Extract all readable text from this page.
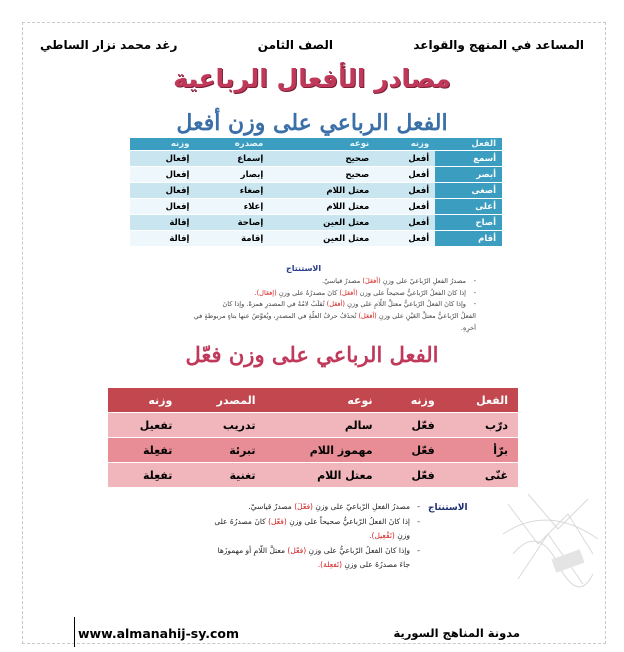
المساعد في المنهج والقواعد
الصف الثامن
رغد محمد نزار الساطي
مصادر الأفعال الرباعية
الفعل الرباعي على وزن أفعل
الفعل	وزنه	نوعه	مصدره	وزنه
أسمع	أفعل	صحيح	إسماع	إفعال
أبصر	أفعل	صحيح	إبصار	إفعال
أصغى	أفعل	معتل اللام	إصغاء	إفعال
أعلى	أفعل	معتل اللام	إعلاء	إفعال
أصاح	أفعل	معتل العين	إصاحة	إفالة
أقام	أفعل	معتل العين	إقامة	إفالة
الاستنتاج
- مصدرُ الفعلِ الرّباعيّ على وزنِ (أفعَلَ) مصدرٌ قياسيّ.
- إذا كانَ الفعلُ الرّباعيُّ صحيحاً على وزن (أفعَل) كانَ مصدرُهُ على وزنِ (إفعَال).
- وإذا كانَ الفعلُ الرّباعيُّ معتلَّ اللّامِ على وزنِ (أفعَل) تُقلَبُ لامُهُ في المصدرِ همزةً. وإذا كانَ
الفعلُ الرّباعيُّ معتلَّ العَيْنِ على وزنِ (أفعَل) تُحذَفُ حرفُ العلّةِ في المصدرِ، ويُعوَّضُ عنها بتاءٍ مربوطةٍ في آخرِهِ.
الفعل الرباعي على وزن فعّل
الفعل	وزنه	نوعه	المصدر	وزنه
درّب	فعّل	سالم	تدريب	تفعيل
برّأ	فعّل	مهموز اللام	تبرئة	تفعِلة
غنّى	فعّل	معتل اللام	تغنية	تفعِلة
الاستنتاج
- مصدرُ الفعلِ الرّباعيّ على وزنِ (فعّلَ) مصدرٌ قياسيّ.
- إذا كانَ الفعلُ الرّباعيُّ صحيحاً على وزنِ (فعّل) كانَ مصدرُهُ على وزنِ (تَفْعِيل).
- وإذا كانَ الفعلُ الرّباعيُّ على وزنِ (فعّل) معتلَّ اللّامِ أو مهموزَها جاءَ مصدرُهُ على وزنِ (تَفعِلة).
www.almanahij-sy.com	مدونة المناهج السورية
